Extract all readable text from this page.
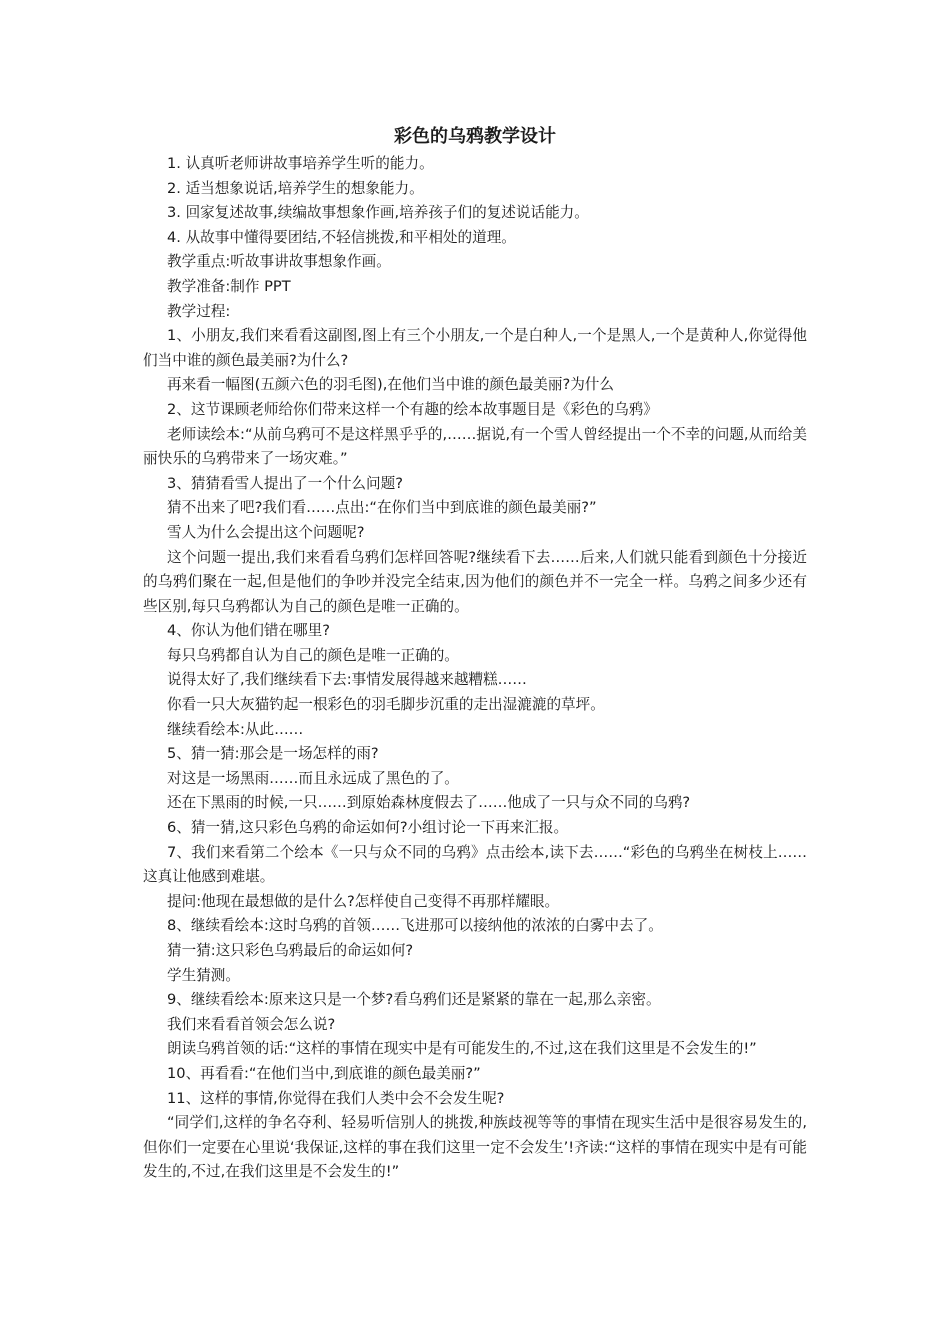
彩色的乌鸦教学设计

1. 认真听老师讲故事培养学生听的能力。

2. 适当想象说话,培养学生的想象能力。

3. 回家复述故事,续编故事想象作画,培养孩子们的复述说话能力。

4. 从故事中懂得要团结,不轻信挑拨,和平相处的道理。

教学重点:听故事讲故事想象作画。

教学准备:制作 PPT

教学过程:

1、小朋友,我们来看看这副图,图上有三个小朋友,一个是白种人,一个是黑人,一个是黄种人,你觉得他们当中谁的颜色最美丽?为什么?

再来看一幅图(五颜六色的羽毛图),在他们当中谁的颜色最美丽?为什么

2、这节课顾老师给你们带来这样一个有趣的绘本故事题目是《彩色的乌鸦》

老师读绘本:“从前乌鸦可不是这样黑乎乎的,……据说,有一个雪人曾经提出一个不幸的问题,从而给美丽快乐的乌鸦带来了一场灾难。”

3、猜猜看雪人提出了一个什么问题?

猜不出来了吧?我们看……点出:“在你们当中到底谁的颜色最美丽?”

雪人为什么会提出这个问题呢?

这个问题一提出,我们来看看乌鸦们怎样回答呢?继续看下去……后来,人们就只能看到颜色十分接近的乌鸦们聚在一起,但是他们的争吵并没完全结束,因为他们的颜色并不一完全一样。乌鸦之间多少还有些区别,每只乌鸦都认为自己的颜色是唯一正确的。

4、你认为他们错在哪里?

每只乌鸦都自认为自己的颜色是唯一正确的。

说得太好了,我们继续看下去:事情发展得越来越糟糕……

你看一只大灰猫钓起一根彩色的羽毛脚步沉重的走出湿漉漉的草坪。

继续看绘本:从此……

5、猜一猜:那会是一场怎样的雨?

对这是一场黑雨……而且永远成了黑色的了。

还在下黑雨的时候,一只……到原始森林度假去了……他成了一只与众不同的乌鸦?

6、猜一猜,这只彩色乌鸦的命运如何?小组讨论一下再来汇报。

7、我们来看第二个绘本《一只与众不同的乌鸦》点击绘本,读下去……“彩色的乌鸦坐在树枝上……这真让他感到难堪。

提问:他现在最想做的是什么?怎样使自己变得不再那样耀眼。

8、继续看绘本:这时乌鸦的首领……飞进那可以接纳他的浓浓的白雾中去了。

猜一猜:这只彩色乌鸦最后的命运如何?

学生猜测。

9、继续看绘本:原来这只是一个梦?看乌鸦们还是紧紧的靠在一起,那么亲密。

我们来看看首领会怎么说?

朗读乌鸦首领的话:“这样的事情在现实中是有可能发生的,不过,这在我们这里是不会发生的!”

10、再看看:“在他们当中,到底谁的颜色最美丽?”

11、这样的事情,你觉得在我们人类中会不会发生呢?

“同学们,这样的争名夺利、轻易听信别人的挑拨,种族歧视等等的事情在现实生活中是很容易发生的,但你们一定要在心里说‘我保证,这样的事在我们这里一定不会发生’!齐读:“这样的事情在现实中是有可能发生的,不过,在我们这里是不会发生的!”
